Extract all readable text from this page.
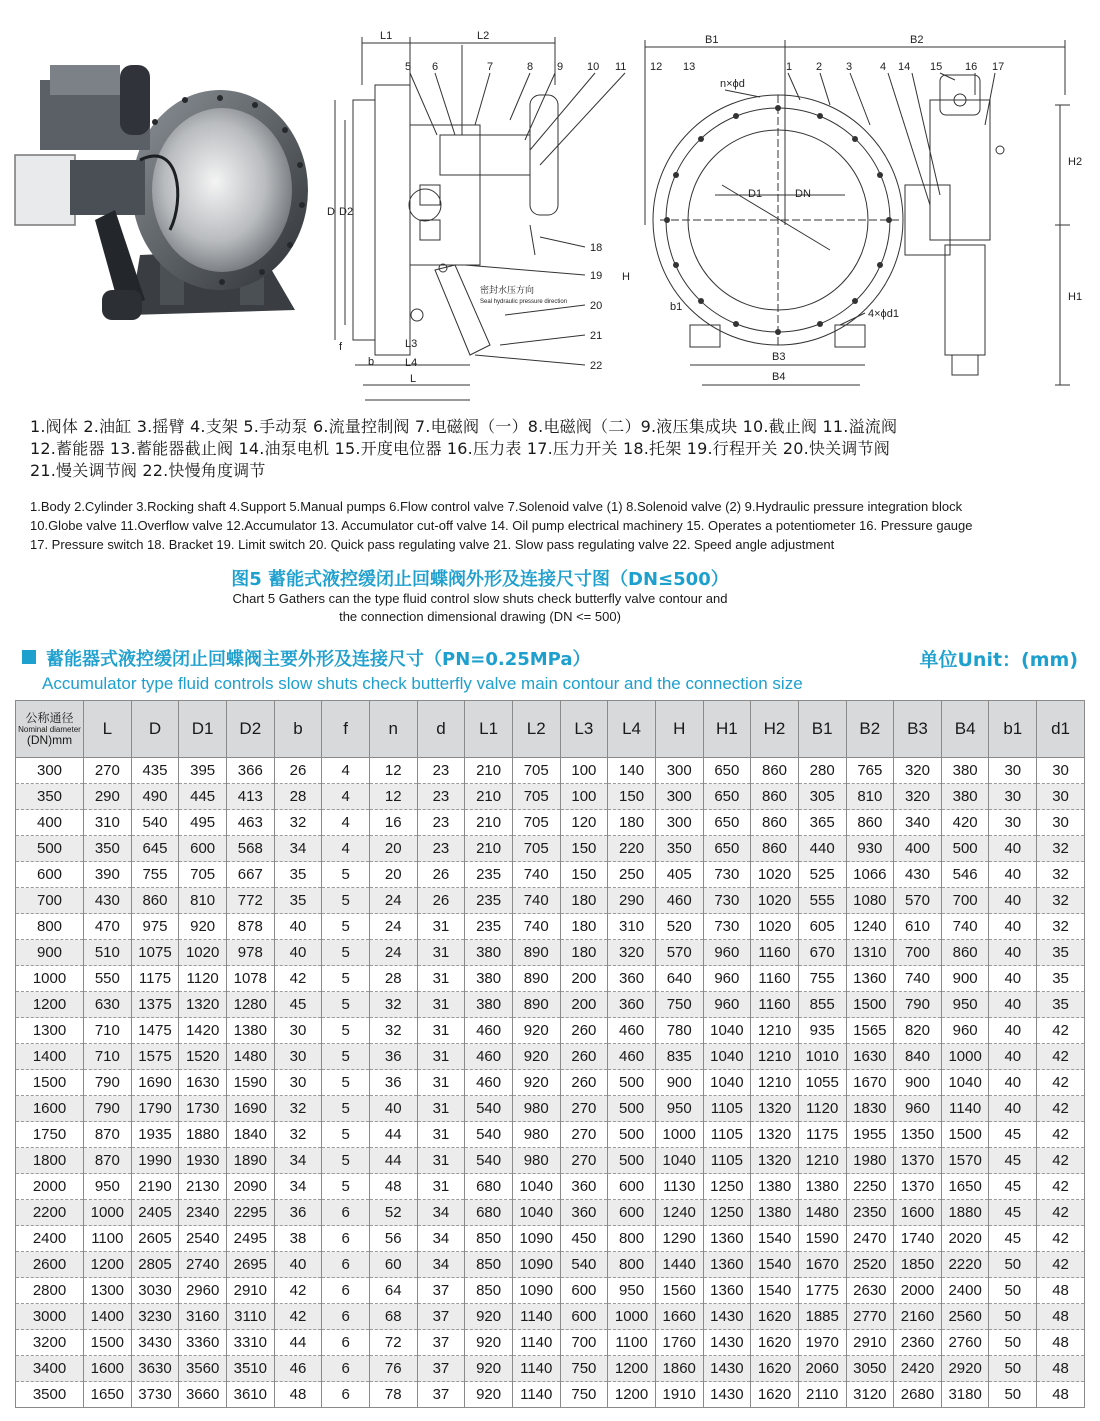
L1	L2
5 6	7	8 9 10 11
D D2
18
19
20
21
22
f
b
L3
L4
L
密封水压方向
Seal hydraulic pressure direction
B1	B2
1 2 3	4 14 15 16 17
12 13
n×ϕd
D1	DN
H
H1
H2
b1
4×ϕd1
B3
B4
1.阀体 2.油缸 3.摇臂 4.支架 5.手动泵 6.流量控制阀 7.电磁阀（一）8.电磁阀（二）9.液压集成块 10.截止阀 11.溢流阀
12.蓄能器 13.蓄能器截止阀 14.油泵电机 15.开度电位器 16.压力表 17.压力开关 18.托架 19.行程开关 20.快关调节阀
21.慢关调节阀 22.快慢角度调节
1.Body 2.Cylinder 3.Rocking shaft 4.Support 5.Manual pumps 6.Flow control valve 7.Solenoid valve (1) 8.Solenoid valve (2) 9.Hydraulic pressure integration block
10.Globe valve 11.Overflow valve 12.Accumulator 13. Accumulator cut-off valve 14. Oil pump electrical machinery 15. Operates a potentiometer 16. Pressure gauge
17. Pressure switch 18. Bracket 19. Limit switch 20. Quick pass regulating valve 21. Slow pass regulating valve 22. Speed angle adjustment
图5 蓄能式液控缓闭止回蝶阀外形及连接尺寸图（DN≤500）
Chart 5 Gathers can the type fluid control slow shuts check butterfly valve contour and
the connection dimensional drawing (DN <= 500)
蓄能器式液控缓闭止回蝶阀主要外形及连接尺寸（PN=0.25MPa）	单位Unit：(mm)
Accumulator type fluid controls slow shuts check butterfly valve main contour and the connection size
公称通径
Nominal diameter
(DN)mm	L	D	D1	D2	b	f	n	d	L1	L2	L3	L4	H	H1	H2	B1	B2	B3	B4	b1	d1
300	270	435	395	366	26	4	12	23	210	705	100	140	300	650	860	280	765	320	380	30	30
350	290	490	445	413	28	4	12	23	210	705	100	150	300	650	860	305	810	320	380	30	30
400	310	540	495	463	32	4	16	23	210	705	120	180	300	650	860	365	860	340	420	30	30
500	350	645	600	568	34	4	20	23	210	705	150	220	350	650	860	440	930	400	500	40	32
600	390	755	705	667	35	5	20	26	235	740	150	250	405	730	1020	525	1066	430	546	40	32
700	430	860	810	772	35	5	24	26	235	740	180	290	460	730	1020	555	1080	570	700	40	32
800	470	975	920	878	40	5	24	31	235	740	180	310	520	730	1020	605	1240	610	740	40	32
900	510	1075	1020	978	40	5	24	31	380	890	180	320	570	960	1160	670	1310	700	860	40	35
1000	550	1175	1120	1078	42	5	28	31	380	890	200	360	640	960	1160	755	1360	740	900	40	35
1200	630	1375	1320	1280	45	5	32	31	380	890	200	360	750	960	1160	855	1500	790	950	40	35
1300	710	1475	1420	1380	30	5	32	31	460	920	260	460	780	1040	1210	935	1565	820	960	40	42
1400	710	1575	1520	1480	30	5	36	31	460	920	260	460	835	1040	1210	1010	1630	840	1000	40	42
1500	790	1690	1630	1590	30	5	36	31	460	920	260	500	900	1040	1210	1055	1670	900	1040	40	42
1600	790	1790	1730	1690	32	5	40	31	540	980	270	500	950	1105	1320	1120	1830	960	1140	40	42
1750	870	1935	1880	1840	32	5	44	31	540	980	270	500	1000	1105	1320	1175	1955	1350	1500	45	42
1800	870	1990	1930	1890	34	5	44	31	540	980	270	500	1040	1105	1320	1210	1980	1370	1570	45	42
2000	950	2190	2130	2090	34	5	48	31	680	1040	360	600	1130	1250	1380	1380	2250	1370	1650	45	42
2200	1000	2405	2340	2295	36	6	52	34	680	1040	360	600	1240	1250	1380	1480	2350	1600	1880	45	42
2400	1100	2605	2540	2495	38	6	56	34	850	1090	450	800	1290	1360	1540	1590	2470	1740	2020	45	42
2600	1200	2805	2740	2695	40	6	60	34	850	1090	540	800	1440	1360	1540	1670	2520	1850	2220	50	42
2800	1300	3030	2960	2910	42	6	64	37	850	1090	600	950	1560	1360	1540	1775	2630	2000	2400	50	48
3000	1400	3230	3160	3110	42	6	68	37	920	1140	600	1000	1660	1430	1620	1885	2770	2160	2560	50	48
3200	1500	3430	3360	3310	44	6	72	37	920	1140	700	1100	1760	1430	1620	1970	2910	2360	2760	50	48
3400	1600	3630	3560	3510	46	6	76	37	920	1140	750	1200	1860	1430	1620	2060	3050	2420	2920	50	48
3500	1650	3730	3660	3610	48	6	78	37	920	1140	750	1200	1910	1430	1620	2110	3120	2680	3180	50	48
